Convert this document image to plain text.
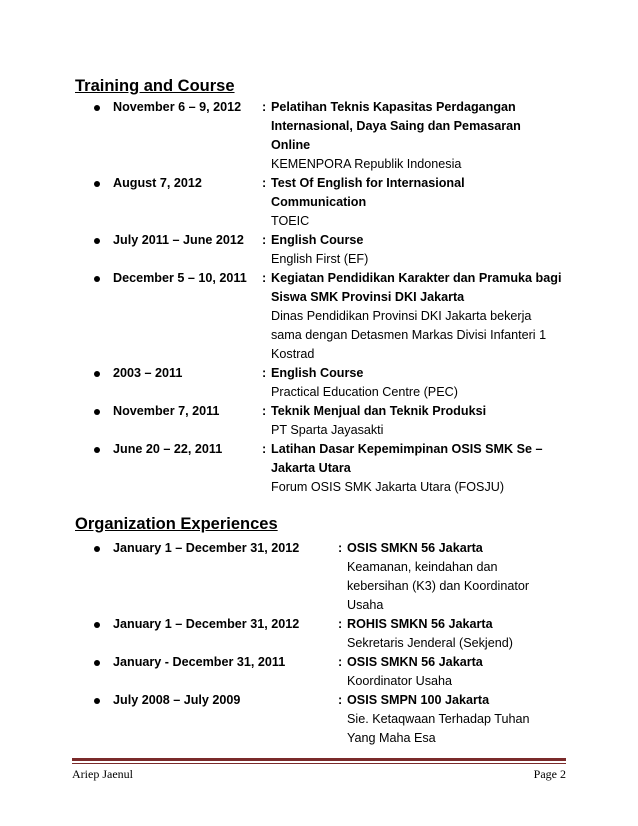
Training and Course
November 6 – 9, 2012 : Pelatihan Teknis Kapasitas Perdagangan
Internasional, Daya Saing dan Pemasaran
Online
KEMENPORA Republik Indonesia
August 7, 2012	: Test Of English for Internasional
Communication
TOEIC
July 2011 – June 2012 : English Course
English First (EF)
December 5 – 10, 2011 : Kegiatan Pendidikan Karakter dan Pramuka bagi
Siswa SMK Provinsi DKI Jakarta
Dinas Pendidikan Provinsi DKI Jakarta bekerja
sama dengan Detasmen Markas Divisi Infanteri 1
Kostrad
2003 – 2011	: English Course
Practical Education Centre (PEC)
November 7, 2011	: Teknik Menjual dan Teknik Produksi
PT Sparta Jayasakti
June 20 – 22, 2011	: Latihan Dasar Kepemimpinan OSIS SMK Se –
Jakarta Utara
Forum OSIS SMK Jakarta Utara (FOSJU)
Organization Experiences
January 1 – December 31, 2012	: OSIS SMKN 56 Jakarta
Keamanan, keindahan dan
kebersihan (K3) dan Koordinator
Usaha
January 1 – December 31, 2012	: ROHIS SMKN 56 Jakarta
Sekretaris Jenderal (Sekjend)
January - December 31, 2011	: OSIS SMKN 56 Jakarta
Koordinator Usaha
July 2008 – July 2009	: OSIS SMPN 100 Jakarta
Sie. Ketaqwaan Terhadap Tuhan
Yang Maha Esa
Ariep Jaenul	Page 2
